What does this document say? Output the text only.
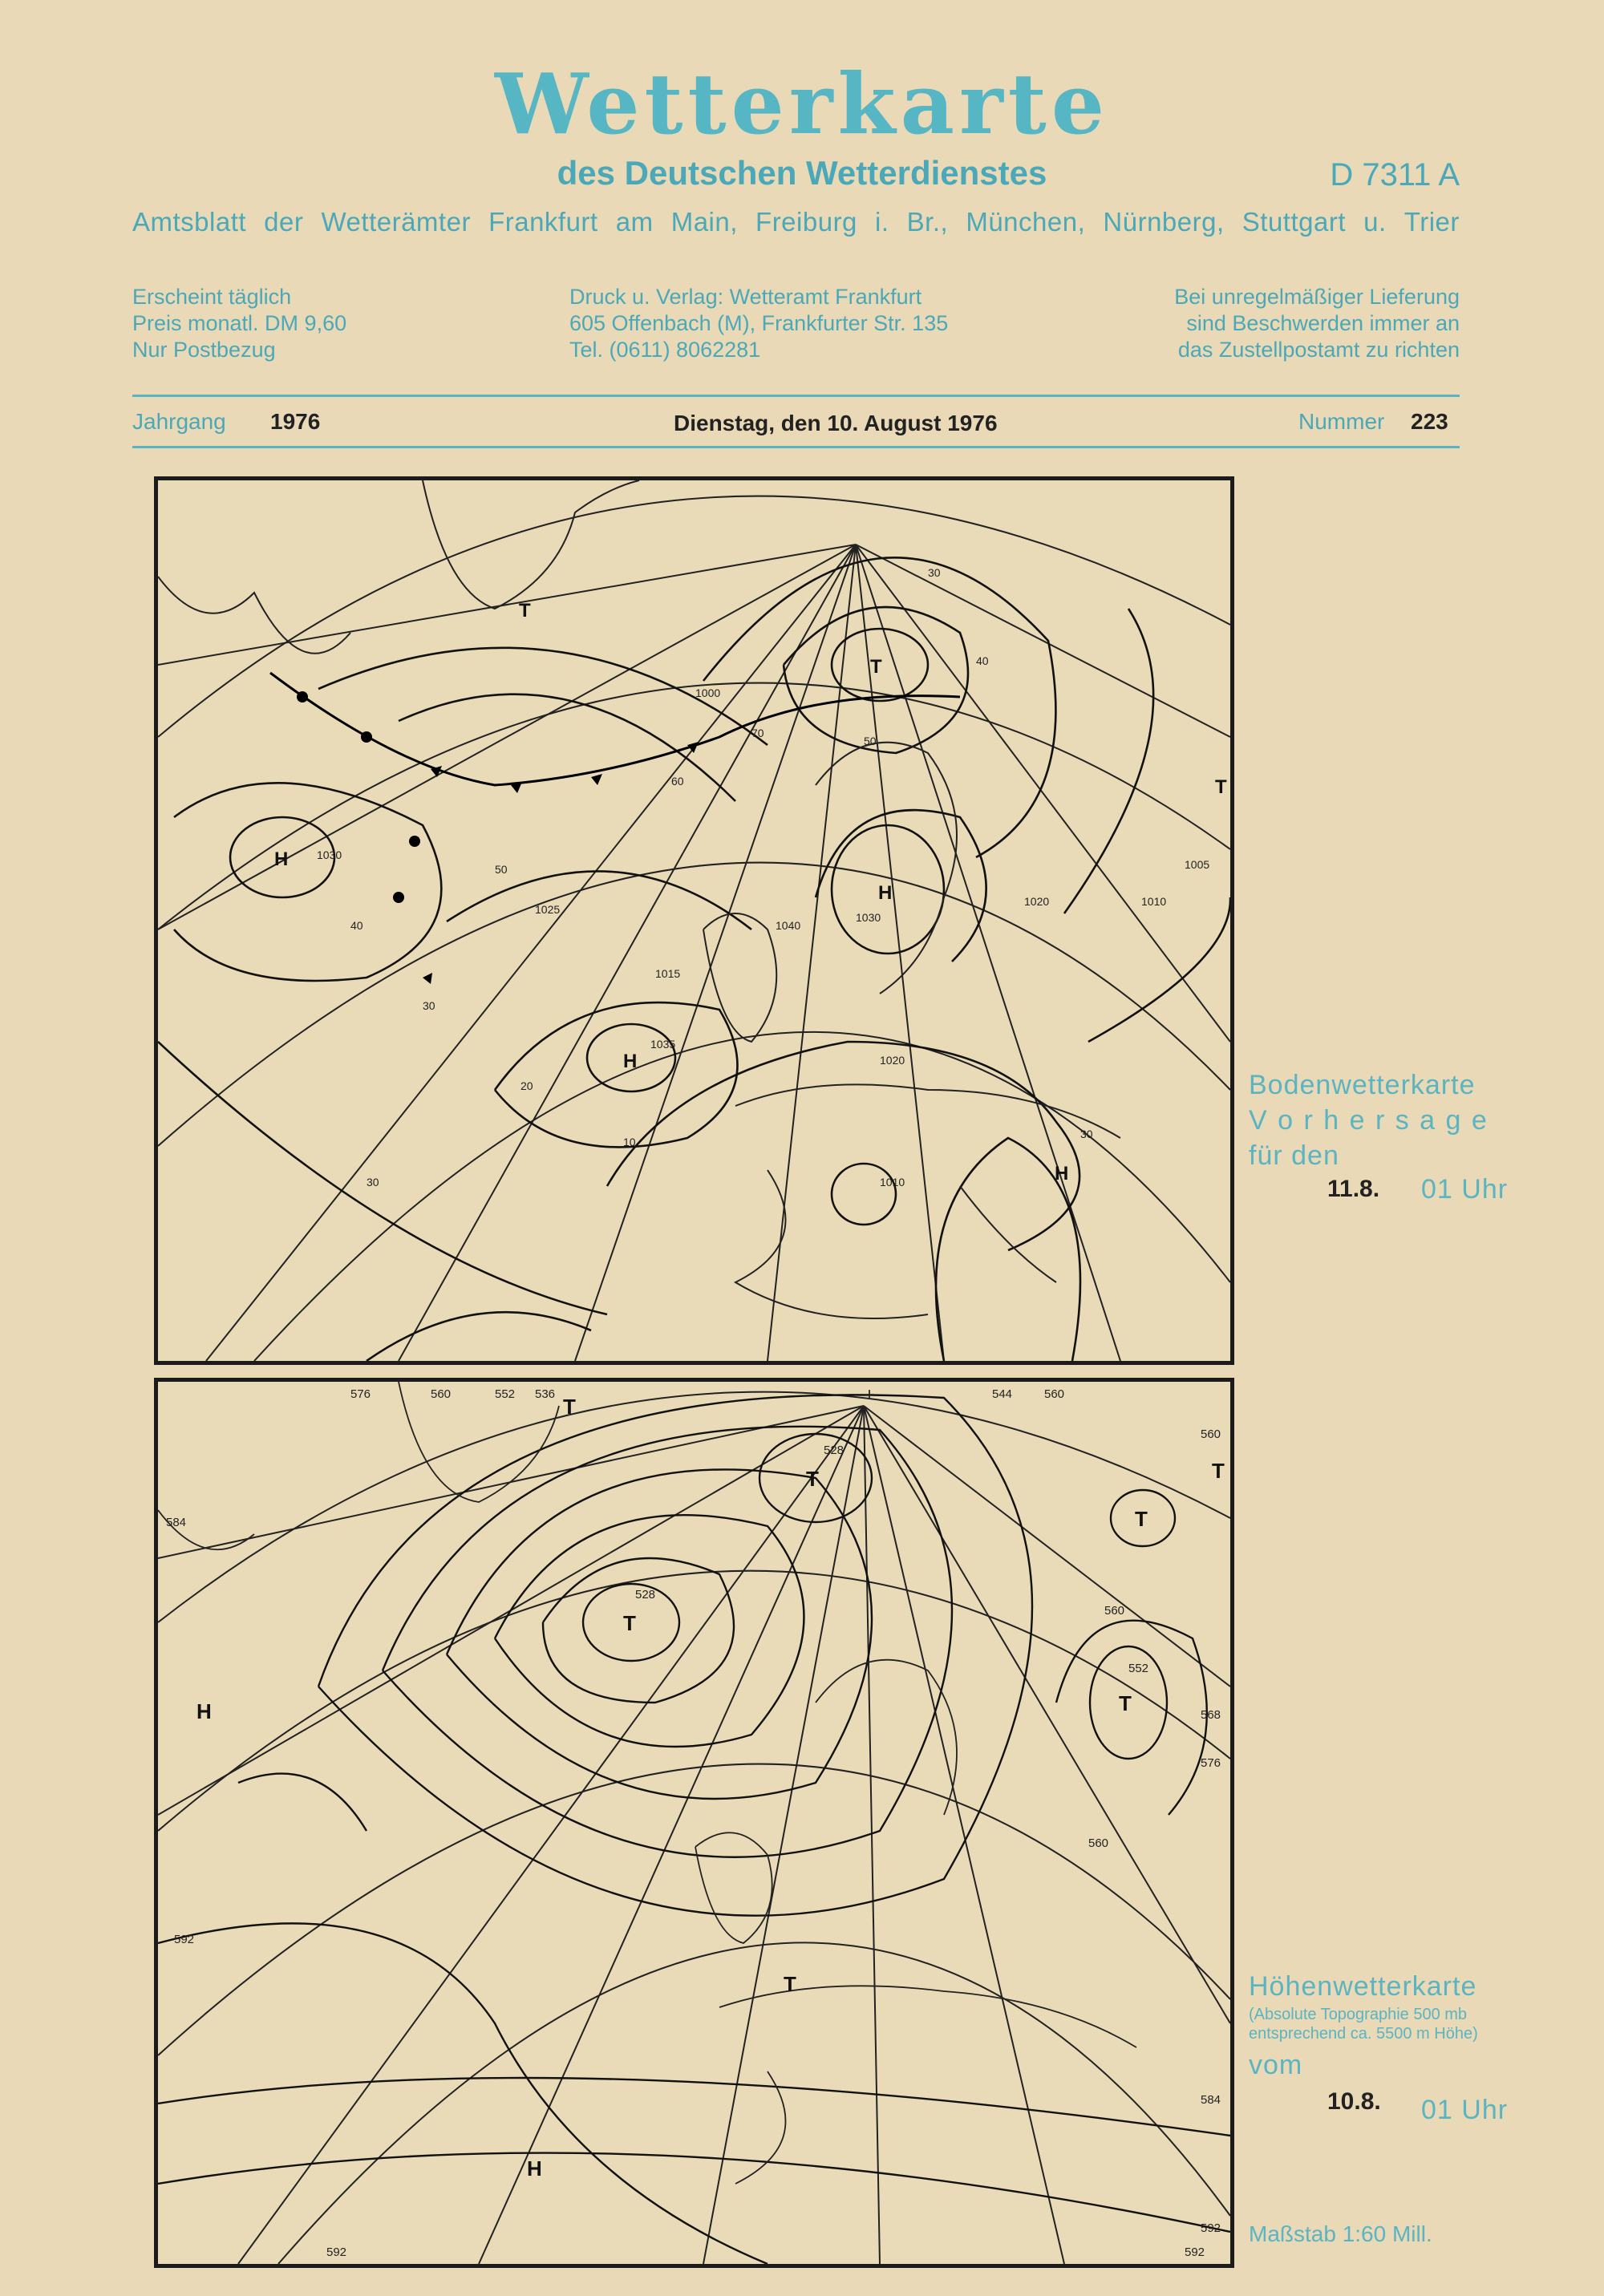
Wetterkarte
des Deutschen Wetterdienstes	D 7311 A
Amtsblatt der Wetterämter Frankfurt am Main, Freiburg i. Br., München, Nürnberg, Stuttgart u. Trier
Erscheint täglich
Preis monatl. DM 9,60
Nur Postbezug
Druck u. Verlag: Wetteramt Frankfurt
605 Offenbach (M), Frankfurter Str. 135
Tel. (0611) 8062281
Bei unregelmäßiger Lieferung
sind Beschwerden immer an
das Zustellpostamt zu richten
Jahrgang 1976	Dienstag, den 10. August 1976	Nummer 223
H
H
H
H
T
T
T
1030
1005
1020
1020
1035
1030
1000
1010
1010
1040
1025
1015
60
70
30
40
50
30
50
40
10
20
30
30
Bodenwetterkarte
V o r h e r s a g e
für den
11.8. 01 Uhr
T
T
T
T
T
T
T
H
H
576	560	552 536
528
528
544	560
560
552
568
576
584
592
592	592
584
560
560
592
+
Höhenwetterkarte
(Absolute Topographie 500 mb
entsprechend ca. 5500 m Höhe)
vom
10.8. 01 Uhr
Maßstab 1:60 Mill.
